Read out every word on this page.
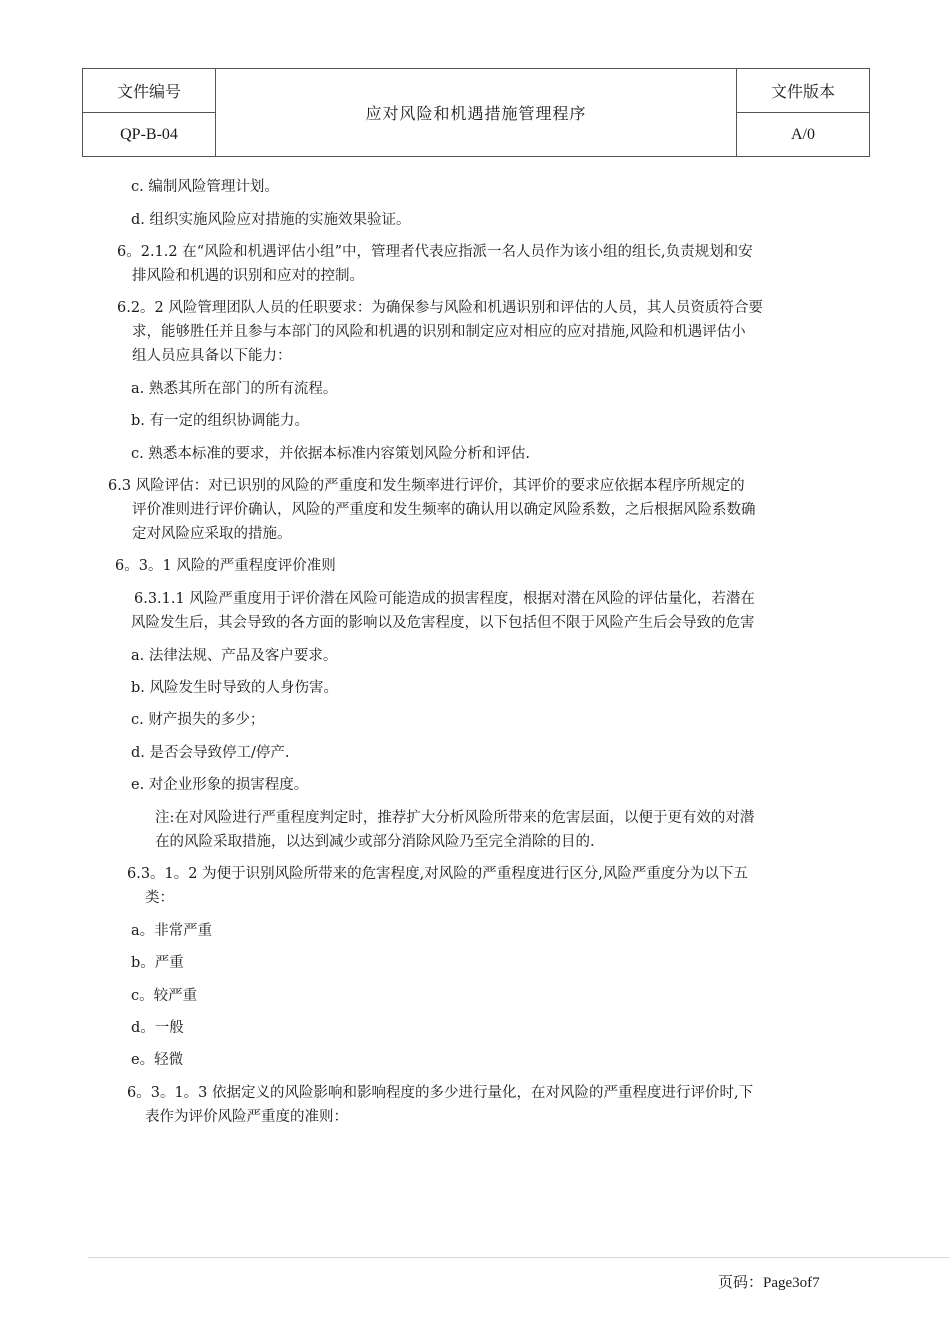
文件编号
QP-B-04
应对风险和机遇措施管理程序
文件版本
A/0
c. 编制风险管理计划。
d. 组织实施风险应对措施的实施效果验证。
6。2.1.2 在“风险和机遇评估小组”中，管理者代表应指派一名人员作为该小组的组长,负责规划和安
排风险和机遇的识别和应对的控制。
6.2。2 风险管理团队人员的任职要求：为确保参与风险和机遇识别和评估的人员，其人员资质符合要
求，能够胜任并且参与本部门的风险和机遇的识别和制定应对相应的应对措施,风险和机遇评估小
组人员应具备以下能力：
a. 熟悉其所在部门的所有流程。
b. 有一定的组织协调能力。
c. 熟悉本标准的要求，并依据本标准内容策划风险分析和评估.
6.3 风险评估：对已识别的风险的严重度和发生频率进行评价，其评价的要求应依据本程序所规定的
评价准则进行评价确认，风险的严重度和发生频率的确认用以确定风险系数，之后根据风险系数确
定对风险应采取的措施。
6。3。1 风险的严重程度评价准则
6.3.1.1 风险严重度用于评价潜在风险可能造成的损害程度，根据对潜在风险的评估量化，若潜在
风险发生后，其会导致的各方面的影响以及危害程度，以下包括但不限于风险产生后会导致的危害
a. 法律法规、产品及客户要求。
b. 风险发生时导致的人身伤害。
c. 财产损失的多少；
d. 是否会导致停工/停产.
e. 对企业形象的损害程度。
注:在对风险进行严重程度判定时，推荐扩大分析风险所带来的危害层面，以便于更有效的对潜
在的风险采取措施，以达到减少或部分消除风险乃至完全消除的目的.
6.3。1。2 为便于识别风险所带来的危害程度,对风险的严重程度进行区分,风险严重度分为以下五
类：
a。非常严重
b。严重
c。较严重
d。一般
e。轻微
6。3。1。3 依据定义的风险影响和影响程度的多少进行量化，在对风险的严重程度进行评价时,下
表作为评价风险严重度的准则：
页码：Page3of7
